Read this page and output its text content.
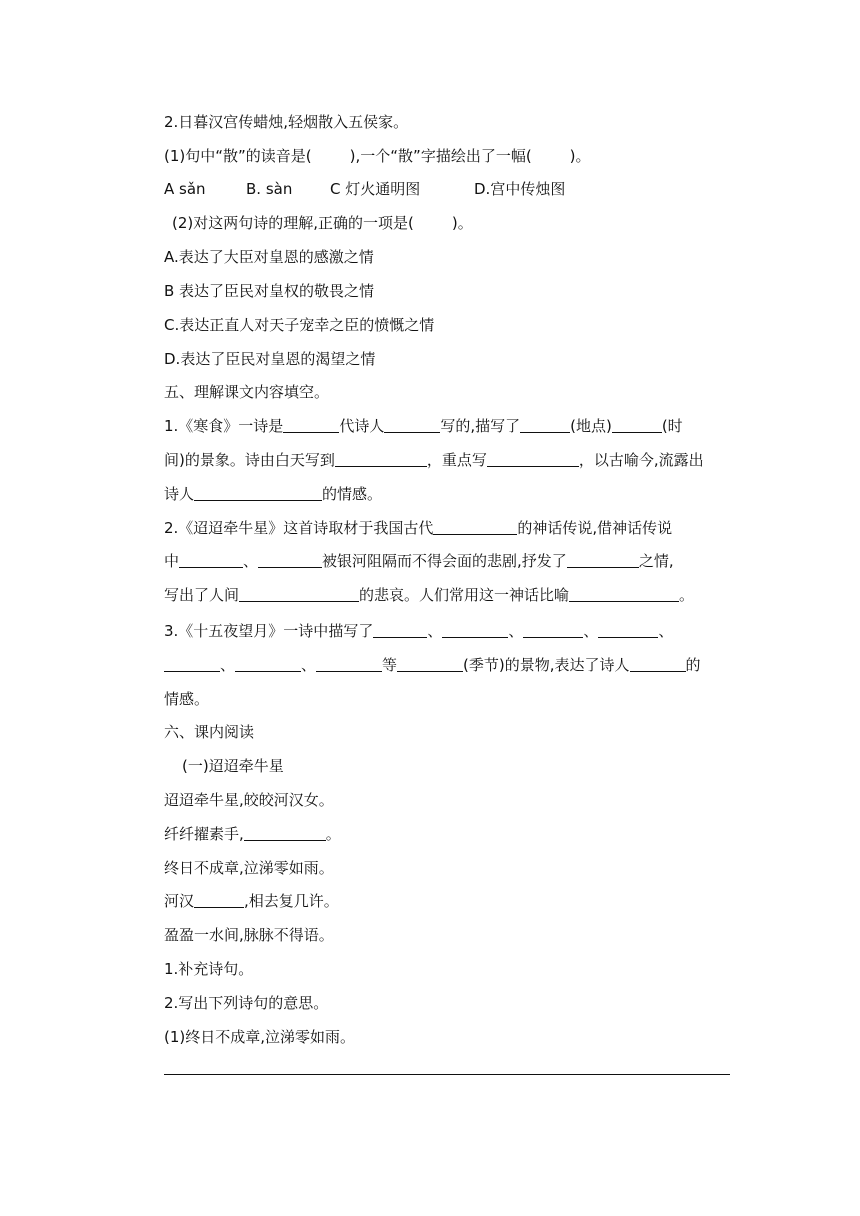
2.日暮汉宫传蜡烛,轻烟散入五侯家。
(1)句中“散”的读音是(	),一个“散”字描绘出了一幅(	)。
A sǎn	B. sàn	C 灯火通明图	D.宫中传烛图
(2)对这两句诗的理解,正确的一项是(	)。
A.表达了大臣对皇恩的感激之情
B 表达了臣民对皇权的敬畏之情
C.表达正直人对天子宠幸之臣的愤慨之情
D.表达了臣民对皇恩的渴望之情
五、理解课文内容填空。
1.《寒食》一诗是	代诗人	写的,描写了	(地点)	(时
间)的景象。诗由白天写到	，重点写	，以古喻今,流露出
诗人	的情感。
2.《迢迢牵牛星》这首诗取材于我国古代	的神话传说,借神话传说
中	、	被银河阻隔而不得会面的悲剧,抒发了	之情,
写出了人间	的悲哀。人们常用这一神话比喻	。
3.《十五夜望月》一诗中描写了	、	、	、	、
、	、	等	(季节)的景物,表达了诗人	的
情感。
六、课内阅读
(一)迢迢牵牛星
迢迢牵牛星,皎皎河汉女。
纤纤擢素手,	。
终日不成章,泣涕零如雨。
河汉	,相去复几许。
盈盈一水间,脉脉不得语。
1.补充诗句。
2.写出下列诗句的意思。
(1)终日不成章,泣涕零如雨。
